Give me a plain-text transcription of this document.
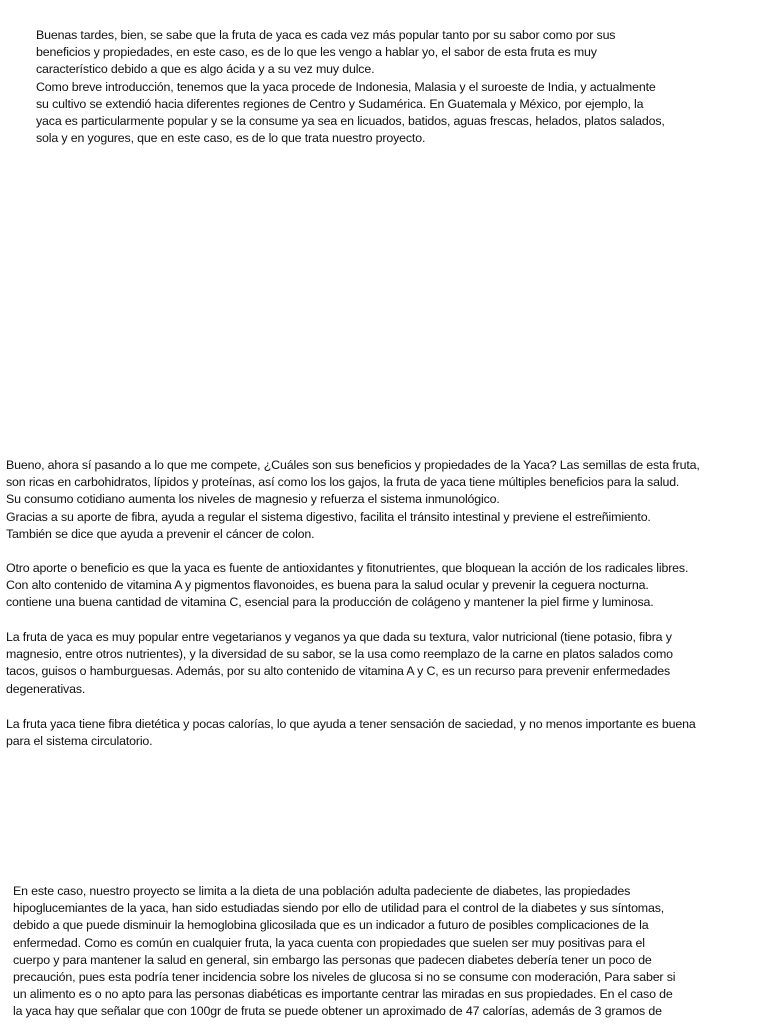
Buenas tardes, bien, se sabe que la fruta de yaca es cada vez más popular tanto por su sabor como por sus
beneficios y propiedades, en este caso, es de lo que les vengo a hablar yo, el sabor de esta fruta es muy
característico debido a que es algo ácida y a su vez muy dulce.
Como breve introducción, tenemos que la yaca procede de Indonesia, Malasia y el suroeste de India, y actualmente
su cultivo se extendió hacia diferentes regiones de Centro y Sudamérica. En Guatemala y México, por ejemplo, la
yaca es particularmente popular y se la consume ya sea en licuados, batidos, aguas frescas, helados, platos salados,
sola y en yogures, que en este caso, es de lo que trata nuestro proyecto.
Bueno, ahora sí pasando a lo que me compete, ¿Cuáles son sus beneficios y propiedades de la Yaca? Las semillas de esta fruta,
son ricas en carbohidratos, lípidos y proteínas, así como los los gajos, la fruta de yaca tiene múltiples beneficios para la salud.
Su consumo cotidiano aumenta los niveles de magnesio y refuerza el sistema inmunológico.
Gracias a su aporte de fibra, ayuda a regular el sistema digestivo, facilita el tránsito intestinal y previene el estreñimiento.
También se dice que ayuda a prevenir el cáncer de colon.
Otro aporte o beneficio es que la yaca es fuente de antioxidantes y fitonutrientes, que bloquean la acción de los radicales libres.
Con alto contenido de vitamina A y pigmentos flavonoides, es buena para la salud ocular y prevenir la ceguera nocturna.
contiene una buena cantidad de vitamina C, esencial para la producción de colágeno y mantener la piel firme y luminosa.
La fruta de yaca es muy popular entre vegetarianos y veganos ya que dada su textura, valor nutricional (tiene potasio, fibra y
magnesio, entre otros nutrientes), y la diversidad de su sabor, se la usa como reemplazo de la carne en platos salados como
tacos, guisos o hamburguesas. Además, por su alto contenido de vitamina A y C, es un recurso para prevenir enfermedades
degenerativas.
La fruta yaca tiene fibra dietética y pocas calorías, lo que ayuda a tener sensación de saciedad, y no menos importante es buena
para el sistema circulatorio.
En este caso, nuestro proyecto se limita a la dieta de una población adulta padeciente de diabetes, las propiedades
hipoglucemiantes de la yaca, han sido estudiadas siendo por ello de utilidad para el control de la diabetes y sus síntomas,
debido a que puede disminuir la hemoglobina glicosilada que es un indicador a futuro de posibles complicaciones de la
enfermedad. Como es común en cualquier fruta, la yaca cuenta con propiedades que suelen ser muy positivas para el
cuerpo y para mantener la salud en general, sin embargo las personas que padecen diabetes debería tener un poco de
precaución, pues esta podría tener incidencia sobre los niveles de glucosa si no se consume con moderación, Para saber si
un alimento es o no apto para las personas diabéticas es importante centrar las miradas en sus propiedades. En el caso de
la yaca hay que señalar que con 100gr de fruta se puede obtener un aproximado de 47 calorías, además de 3 gramos de
